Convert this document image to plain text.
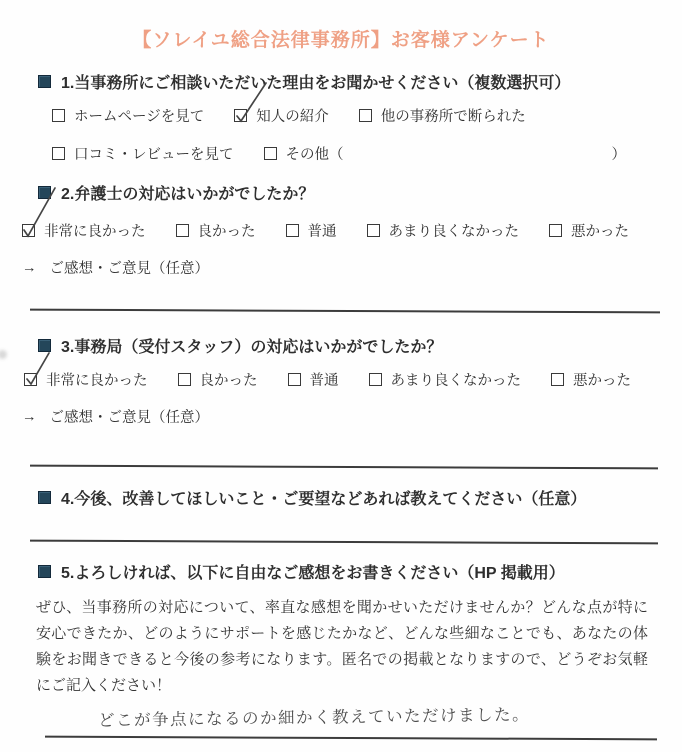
【ソレイユ総合法律事務所】お客様アンケート
1.当事務所にご相談いただいた理由をお聞かせください（複数選択可）
ホームページを見て	知人の紹介	他の事務所で断られた
口コミ・レビューを見て	その他 （	）
2.弁護士の対応はいかがでしたか？
非常に良かった	良かった	普通	あまり良くなかった	悪かった
→ ご感想・ご意見（任意）
3.事務局（受付スタッフ）の対応はいかがでしたか？
非常に良かった	良かった	普通	あまり良くなかった	悪かった
→ ご感想・ご意見（任意）
4.今後、改善してほしいこと・ご要望などあれば教えてください（任意）
5.よろしければ、以下に自由なご感想をお書きください（HP 掲載用）
ぜひ、当事務所の対応について、率直な感想を聞かせいただけませんか？どんな点が特に安心できたか、どのようにサポートを感じたかなど、どんな些細なことでも、あなたの体験をお聞きできると今後の参考になります。匿名での掲載となりますので、どうぞお気軽にご記入ください！
どこが争点になるのか細かく教えていただけました。
